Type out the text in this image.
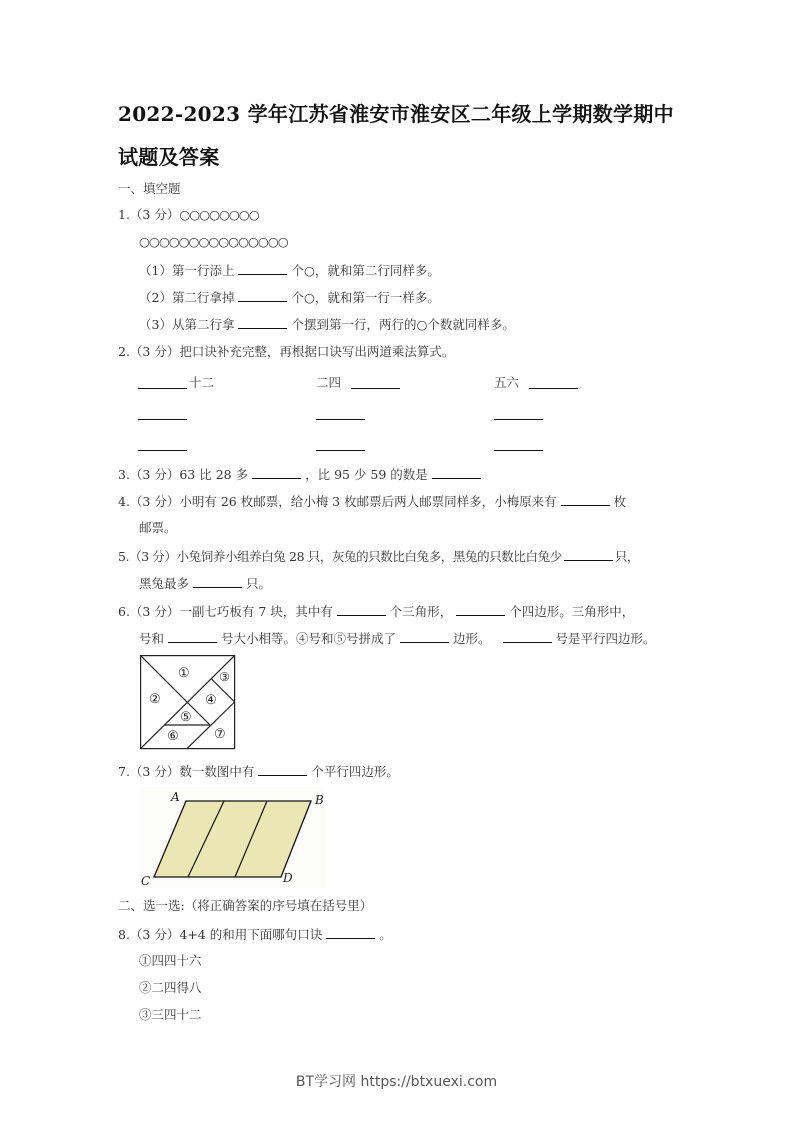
2022-2023 学年江苏省淮安市淮安区二年级上学期数学期中
试题及答案
一、填空题
1.（3 分）○○○○○○○○
○○○○○○○○○○○○○○○
（1）第一行添上	个○，就和第二行同样多。
（2）第二行拿掉	个○，就和第一行一样多。
（3）从第二行拿	个摆到第一行，两行的○个数就同样多。
2.（3 分）把口诀补充完整，再根据口诀写出两道乘法算式。
十二	二四	五六
3.（3 分）63 比 28 多	，比 95 少 59 的数是
4.（3 分）小明有 26 枚邮票，给小梅 3 枚邮票后两人邮票同样多，小梅原来有	枚
邮票。
5.（3 分）小兔饲养小组养白兔 28 只，灰兔的只数比白兔多，黑兔的只数比白兔少	只，
黑兔最多	只。
6.（3 分）一副七巧板有 7 块，其中有	个三角形，	个四边形。三角形中，
号和	号大小相等。④号和⑤号拼成了	边形。	号是平行四边形。
①
②
③
④
⑤
⑥	⑦
7.（3 分）数一数图中有	个平行四边形。
A	B
C	D
二、选一选:（将正确答案的序号填在括号里）
8.（3 分）4+4 的和用下面哪句口诀	。
①四四十六
②二四得八
③三四十二
BT学习网 https://btxuexi.com
